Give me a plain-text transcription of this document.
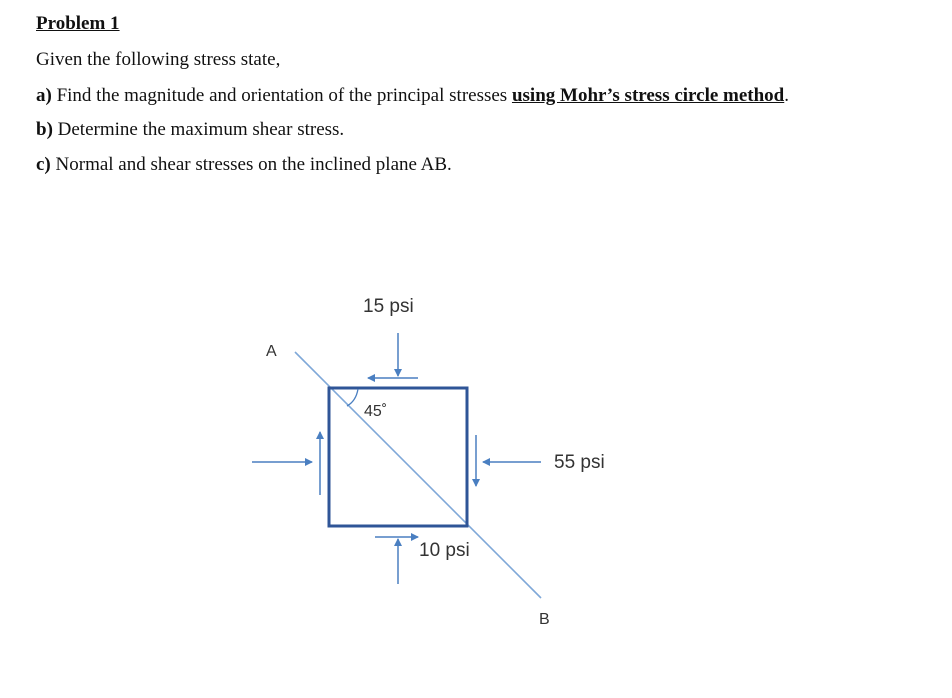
Problem 1
Given the following stress state,
a) Find the magnitude and orientation of the principal stresses using Mohr’s stress circle method.
b) Determine the maximum shear stress.
c) Normal and shear stresses on the inclined plane AB.
15 psi
55 psi
10 psi
45˚
A
B
